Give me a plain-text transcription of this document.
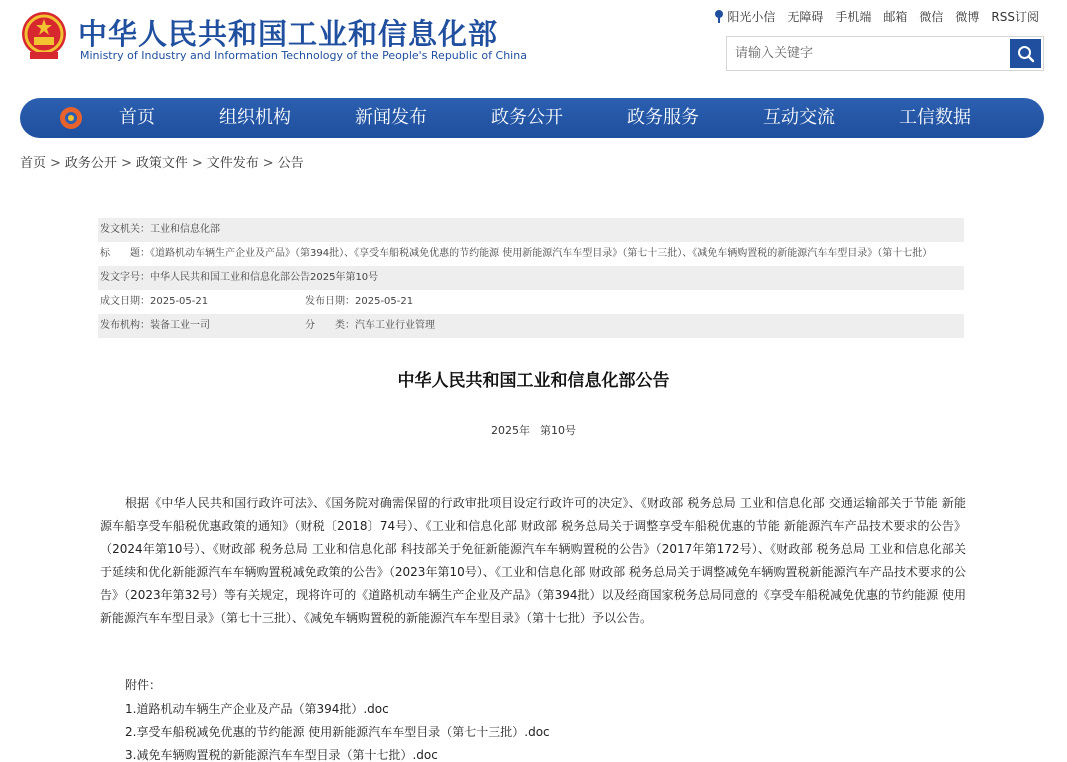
中华人民共和国工业和信息化部
Ministry of Industry and Information Technology of the People's Republic of China
阳光小信 无障碍 手机端 邮箱 微信 微博 RSS订阅
请输入关键字
首页	组织机构	新闻发布	政务公开	政务服务	互动交流	工信数据
首页 > 政务公开 > 政策文件 > 文件发布 > 公告
发文机关：工业和信息化部
标　　题：《道路机动车辆生产企业及产品》（第394批）、《享受车船税减免优惠的节约能源 使用新能源汽车车型目录》（第七十三批）、《减免车辆购置税的新能源汽车车型目录》（第十七批）
发文字号：中华人民共和国工业和信息化部公告2025年第10号
成文日期：2025-05-21	发布日期：2025-05-21
发布机构：装备工业一司	分　　类：汽车工业行业管理
中华人民共和国工业和信息化部公告
2025年 第10号
根据《中华人民共和国行政许可法》、《国务院对确需保留的行政审批项目设定行政许可的决定》、《财政部 税务总局 工业和信息化部 交通运输部关于节能 新能源车船享受车船税优惠政策的通知》（财税〔2018〕74号）、《工业和信息化部 财政部 税务总局关于调整享受车船税优惠的节能 新能源汽车产品技术要求的公告》（2024年第10号）、《财政部 税务总局 工业和信息化部 科技部关于免征新能源汽车车辆购置税的公告》（2017年第172号）、《财政部 税务总局 工业和信息化部关于延续和优化新能源汽车车辆购置税减免政策的公告》（2023年第10号）、《工业和信息化部 财政部 税务总局关于调整减免车辆购置税新能源汽车产品技术要求的公告》（2023年第32号）等有关规定，现将许可的《道路机动车辆生产企业及产品》（第394批）以及经商国家税务总局同意的《享受车船税减免优惠的节约能源 使用新能源汽车车型目录》（第七十三批）、《减免车辆购置税的新能源汽车车型目录》（第十七批）予以公告。
附件：
1.道路机动车辆生产企业及产品（第394批）.doc
2.享受车船税减免优惠的节约能源 使用新能源汽车车型目录（第七十三批）.doc
3.减免车辆购置税的新能源汽车车型目录（第十七批）.doc
